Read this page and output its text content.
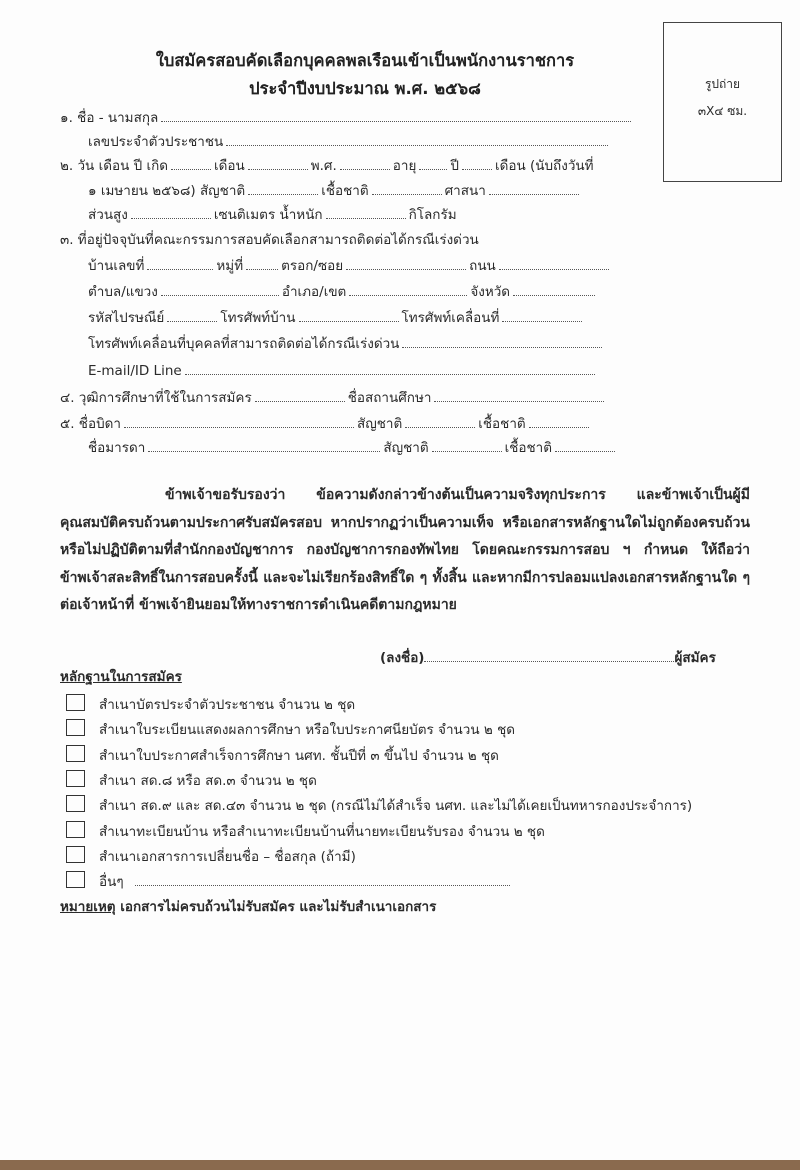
ใบสมัครสอบคัดเลือกบุคคลพลเรือนเข้าเป็นพนักงานราชการ
ประจำปีงบประมาณ พ.ศ. ๒๕๖๘	รูปถ่าย
๓X๔ ซม.
๑. ชื่อ - นามสกุล
เลขประจำตัวประชาชน
๒. วัน เดือน ปี เกิด	เดือน	พ.ศ.	อายุ	ปี	เดือน (นับถึงวันที่
๑ เมษายน ๒๕๖๘) สัญชาติ	เชื้อชาติ	ศาสนา
ส่วนสูง	เซนติเมตร น้ำหนัก	กิโลกรัม
๓. ที่อยู่ปัจจุบันที่คณะกรรมการสอบคัดเลือกสามารถติดต่อได้กรณีเร่งด่วน
บ้านเลขที่	หมู่ที่	ตรอก/ซอย	ถนน
ตำบล/แขวง	อำเภอ/เขต	จังหวัด
รหัสไปรษณีย์	โทรศัพท์บ้าน	โทรศัพท์เคลื่อนที่
โทรศัพท์เคลื่อนที่บุคคลที่สามารถติดต่อได้กรณีเร่งด่วน
E-mail/ID Line
๔. วุฒิการศึกษาที่ใช้ในการสมัคร	ชื่อสถานศึกษา
๕. ชื่อบิดา	สัญชาติ	เชื้อชาติ
ชื่อมารดา	สัญชาติ	เชื้อชาติ
ข้าพเจ้าขอรับรองว่า ข้อความดังกล่าวข้างต้นเป็นความจริงทุกประการ และข้าพเจ้าเป็นผู้มีคุณสมบัติครบถ้วนตามประกาศรับสมัครสอบ หากปรากฏว่าเป็นความเท็จ หรือเอกสารหลักฐานใดไม่ถูกต้องครบถ้วน หรือไม่ปฏิบัติตามที่สำนักกองบัญชาการ กองบัญชาการกองทัพไทย โดยคณะกรรมการสอบ ฯ กำหนด ให้ถือว่าข้าพเจ้าสละสิทธิ์ในการสอบครั้งนี้ และจะไม่เรียกร้องสิทธิ์ใด ๆ ทั้งสิ้น และหากมีการปลอมแปลงเอกสารหลักฐานใด ๆ ต่อเจ้าหน้าที่ ข้าพเจ้ายินยอมให้ทางราชการดำเนินคดีตามกฎหมาย
(ลงชื่อ)	ผู้สมัคร
หลักฐานในการสมัคร
สำเนาบัตรประจำตัวประชาชน จำนวน ๒ ชุด
สำเนาใบระเบียนแสดงผลการศึกษา หรือใบประกาศนียบัตร จำนวน ๒ ชุด
สำเนาใบประกาศสำเร็จการศึกษา นศท. ชั้นปีที่ ๓ ขึ้นไป จำนวน ๒ ชุด
สำเนา สด.๘ หรือ สด.๓ จำนวน ๒ ชุด
สำเนา สด.๙ และ สด.๔๓ จำนวน ๒ ชุด (กรณีไม่ได้สำเร็จ นศท. และไม่ได้เคยเป็นทหารกองประจำการ)
สำเนาทะเบียนบ้าน หรือสำเนาทะเบียนบ้านที่นายทะเบียนรับรอง จำนวน ๒ ชุด
สำเนาเอกสารการเปลี่ยนชื่อ – ชื่อสกุล (ถ้ามี)
อื่นๆ
หมายเหตุ เอกสารไม่ครบถ้วนไม่รับสมัคร และไม่รับสำเนาเอกสาร
